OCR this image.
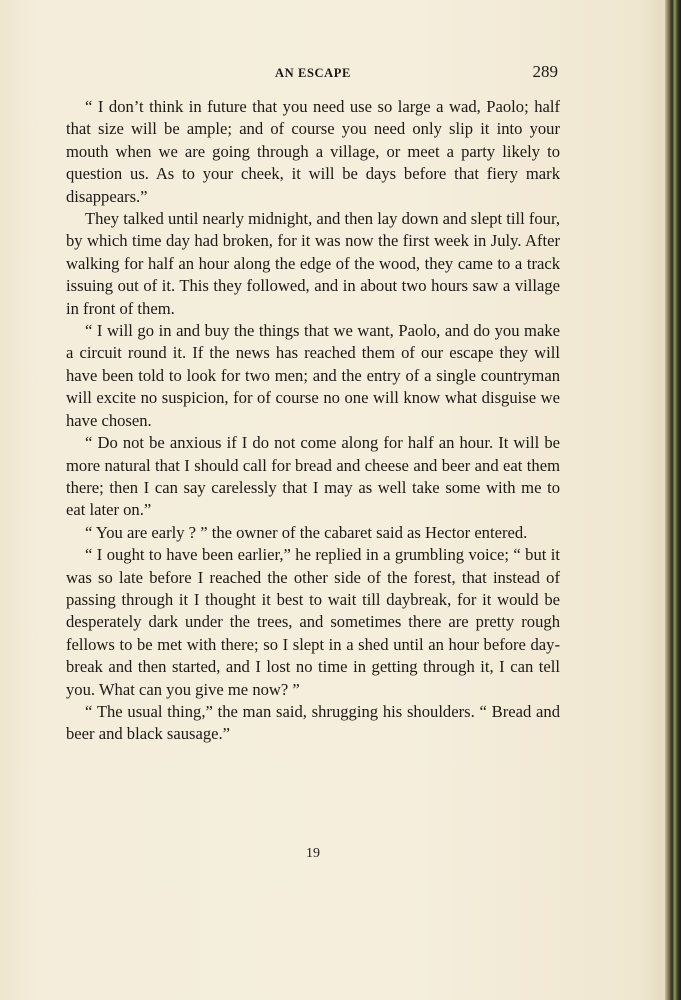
AN ESCAPE	289

“ I don’t think in future that you need use so large a wad, Paolo; half that size will be ample; and of course you need only slip it into your mouth when we are going through a village, or meet a party likely to question us. As to your cheek, it will be days before that fiery mark disappears.”

They talked until nearly midnight, and then lay down and slept till four, by which time day had broken, for it was now the first week in July. After walking for half an hour along the edge of the wood, they came to a track issuing out of it. This they followed, and in about two hours saw a village in front of them.

“ I will go in and buy the things that we want, Paolo, and do you make a circuit round it. If the news has reached them of our escape they will have been told to look for two men; and the entry of a single countryman will excite no suspicion, for of course no one will know what disguise we have chosen.

“ Do not be anxious if I do not come along for half an hour. It will be more natural that I should call for bread and cheese and beer and eat them there; then I can say carelessly that I may as well take some with me to eat later on.”

“ You are early ? ” the owner of the cabaret said as Hector entered.

“ I ought to have been earlier,” he replied in a grumbling voice; “ but it was so late before I reached the other side of the forest, that instead of passing through it I thought it best to wait till daybreak, for it would be desperately dark under the trees, and sometimes there are pretty rough fellows to be met with there; so I slept in a shed until an hour before day-break and then started, and I lost no time in getting through it, I can tell you. What can you give me now? ”

“ The usual thing,” the man said, shrugging his shoulders. “ Bread and beer and black sausage.”

19
